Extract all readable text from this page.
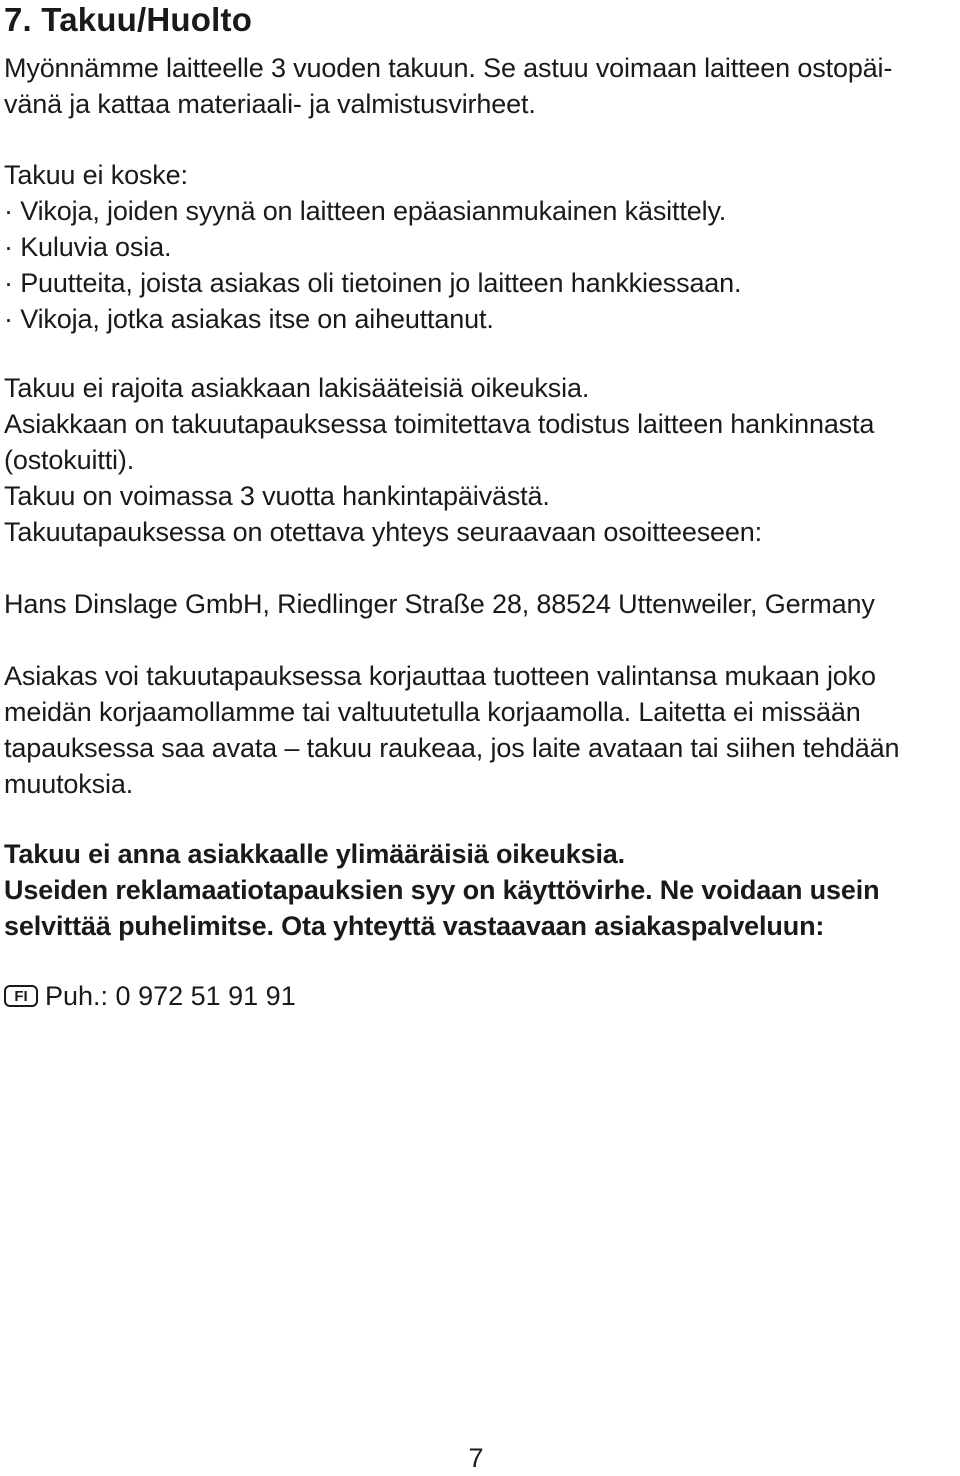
7. Takuu/Huolto

Myönnämme laitteelle 3 vuoden takuun. Se astuu voimaan laitteen ostopäi-

vänä ja kattaa materiaali- ja valmistusvirheet.

Takuu ei koske:

· Vikoja, joiden syynä on laitteen epäasianmukainen käsittely.

· Kuluvia osia.

· Puutteita, joista asiakas oli tietoinen jo laitteen hankkiessaan.

· Vikoja, jotka asiakas itse on aiheuttanut.

Takuu ei rajoita asiakkaan lakisääteisiä oikeuksia.

Asiakkaan on takuutapauksessa toimitettava todistus laitteen hankinnasta

(ostokuitti).

Takuu on voimassa 3 vuotta hankintapäivästä.

Takuutapauksessa on otettava yhteys seuraavaan osoitteeseen:

Hans Dinslage GmbH, Riedlinger Straße 28, 88524 Uttenweiler, Germany

Asiakas voi takuutapauksessa korjauttaa tuotteen valintansa mukaan joko

meidän korjaamollamme tai valtuutetulla korjaamolla. Laitetta ei missään

tapauksessa saa avata – takuu raukeaa, jos laite avataan tai siihen tehdään

muutoksia.

Takuu ei anna asiakkaalle ylimääräisiä oikeuksia.

Useiden reklamaatiotapauksien syy on käyttövirhe. Ne voidaan usein

selvittää puhelimitse. Ota yhteyttä vastaavaan asiakaspalveluun:

FI Puh.: 0 972 51 91 91
7
